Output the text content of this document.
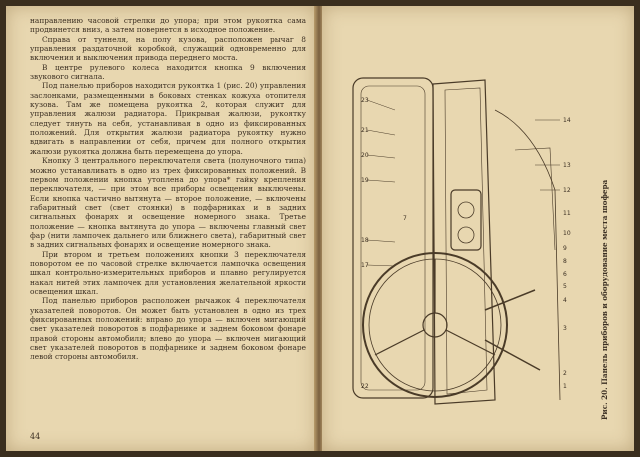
направлению часовой стрелки до упора; при этом рукоятка сама продвинется вниз, а затем повернется в исходное положение.

Справа от туннеля, на полу кузова, расположен рычаг 8 управления раздаточной коробкой, служащий одновременно для включения и выключения привода переднего моста.

В центре рулевого колеса находится кнопка 9 включения звукового сигнала.

Под панелью приборов находится рукоятка 1 (рис. 20) управления заслонками, размещенными в боковых стенках кожуха отопителя кузова. Там же помещена рукоятка 2, которая служит для управления жалюзи радиатора. Прикрывая жалюзи, рукоятку следует тянуть на себя, устанавливая в одно из фиксированных положений. Для открытия жалюзи радиатора рукоятку нужно вдвигать в направлении от себя, причем для полного открытия жалюзи рукоятка должна быть перемещена до упора.

Кнопку 3 центрального переключателя света (полуночного типа) можно устанавливать в одно из трех фиксированных положений. В первом положении кнопка утоплена до упора* гайку крепления переключателя, — при этом все приборы освещения выключены. Если кнопка частично вытянута — второе положение, — включены габаритный свет (свет стоянки) в подфарниках и в задних сигнальных фонарях и освещение номерного знака. Третье положение — кнопка вытянута до упора — включены главный свет фар (нити лампочек дальнего или ближнего света), габаритный свет в задних сигнальных фонарях и освещение номерного знака.

При втором и третьем положениях кнопки 3 переключателя поворотом ее по часовой стрелке включается лампочка освещения шкал контрольно-измерительных приборов и плавно регулируется накал нитей этих лампочек для установления желательной яркости освещения шкал.

Под панелью приборов расположен рычажок 4 переключателя указателей поворотов. Он может быть установлен в одно из трех фиксированных положений: вправо до упора — включен мигающий свет указателей поворотов в подфарнике и заднем боковом фонаре правой стороны автомобиля; влево до упора — включен мигающий свет указателей поворотов в подфарнике и заднем боковом фонаре левой стороны автомобиля.

44
23
21
20
19
18
17
7
14
13
12
11
10
9
8
6
5
4
3
2
1
22	Рис. 20. Панель приборов и оборудование места шофера
